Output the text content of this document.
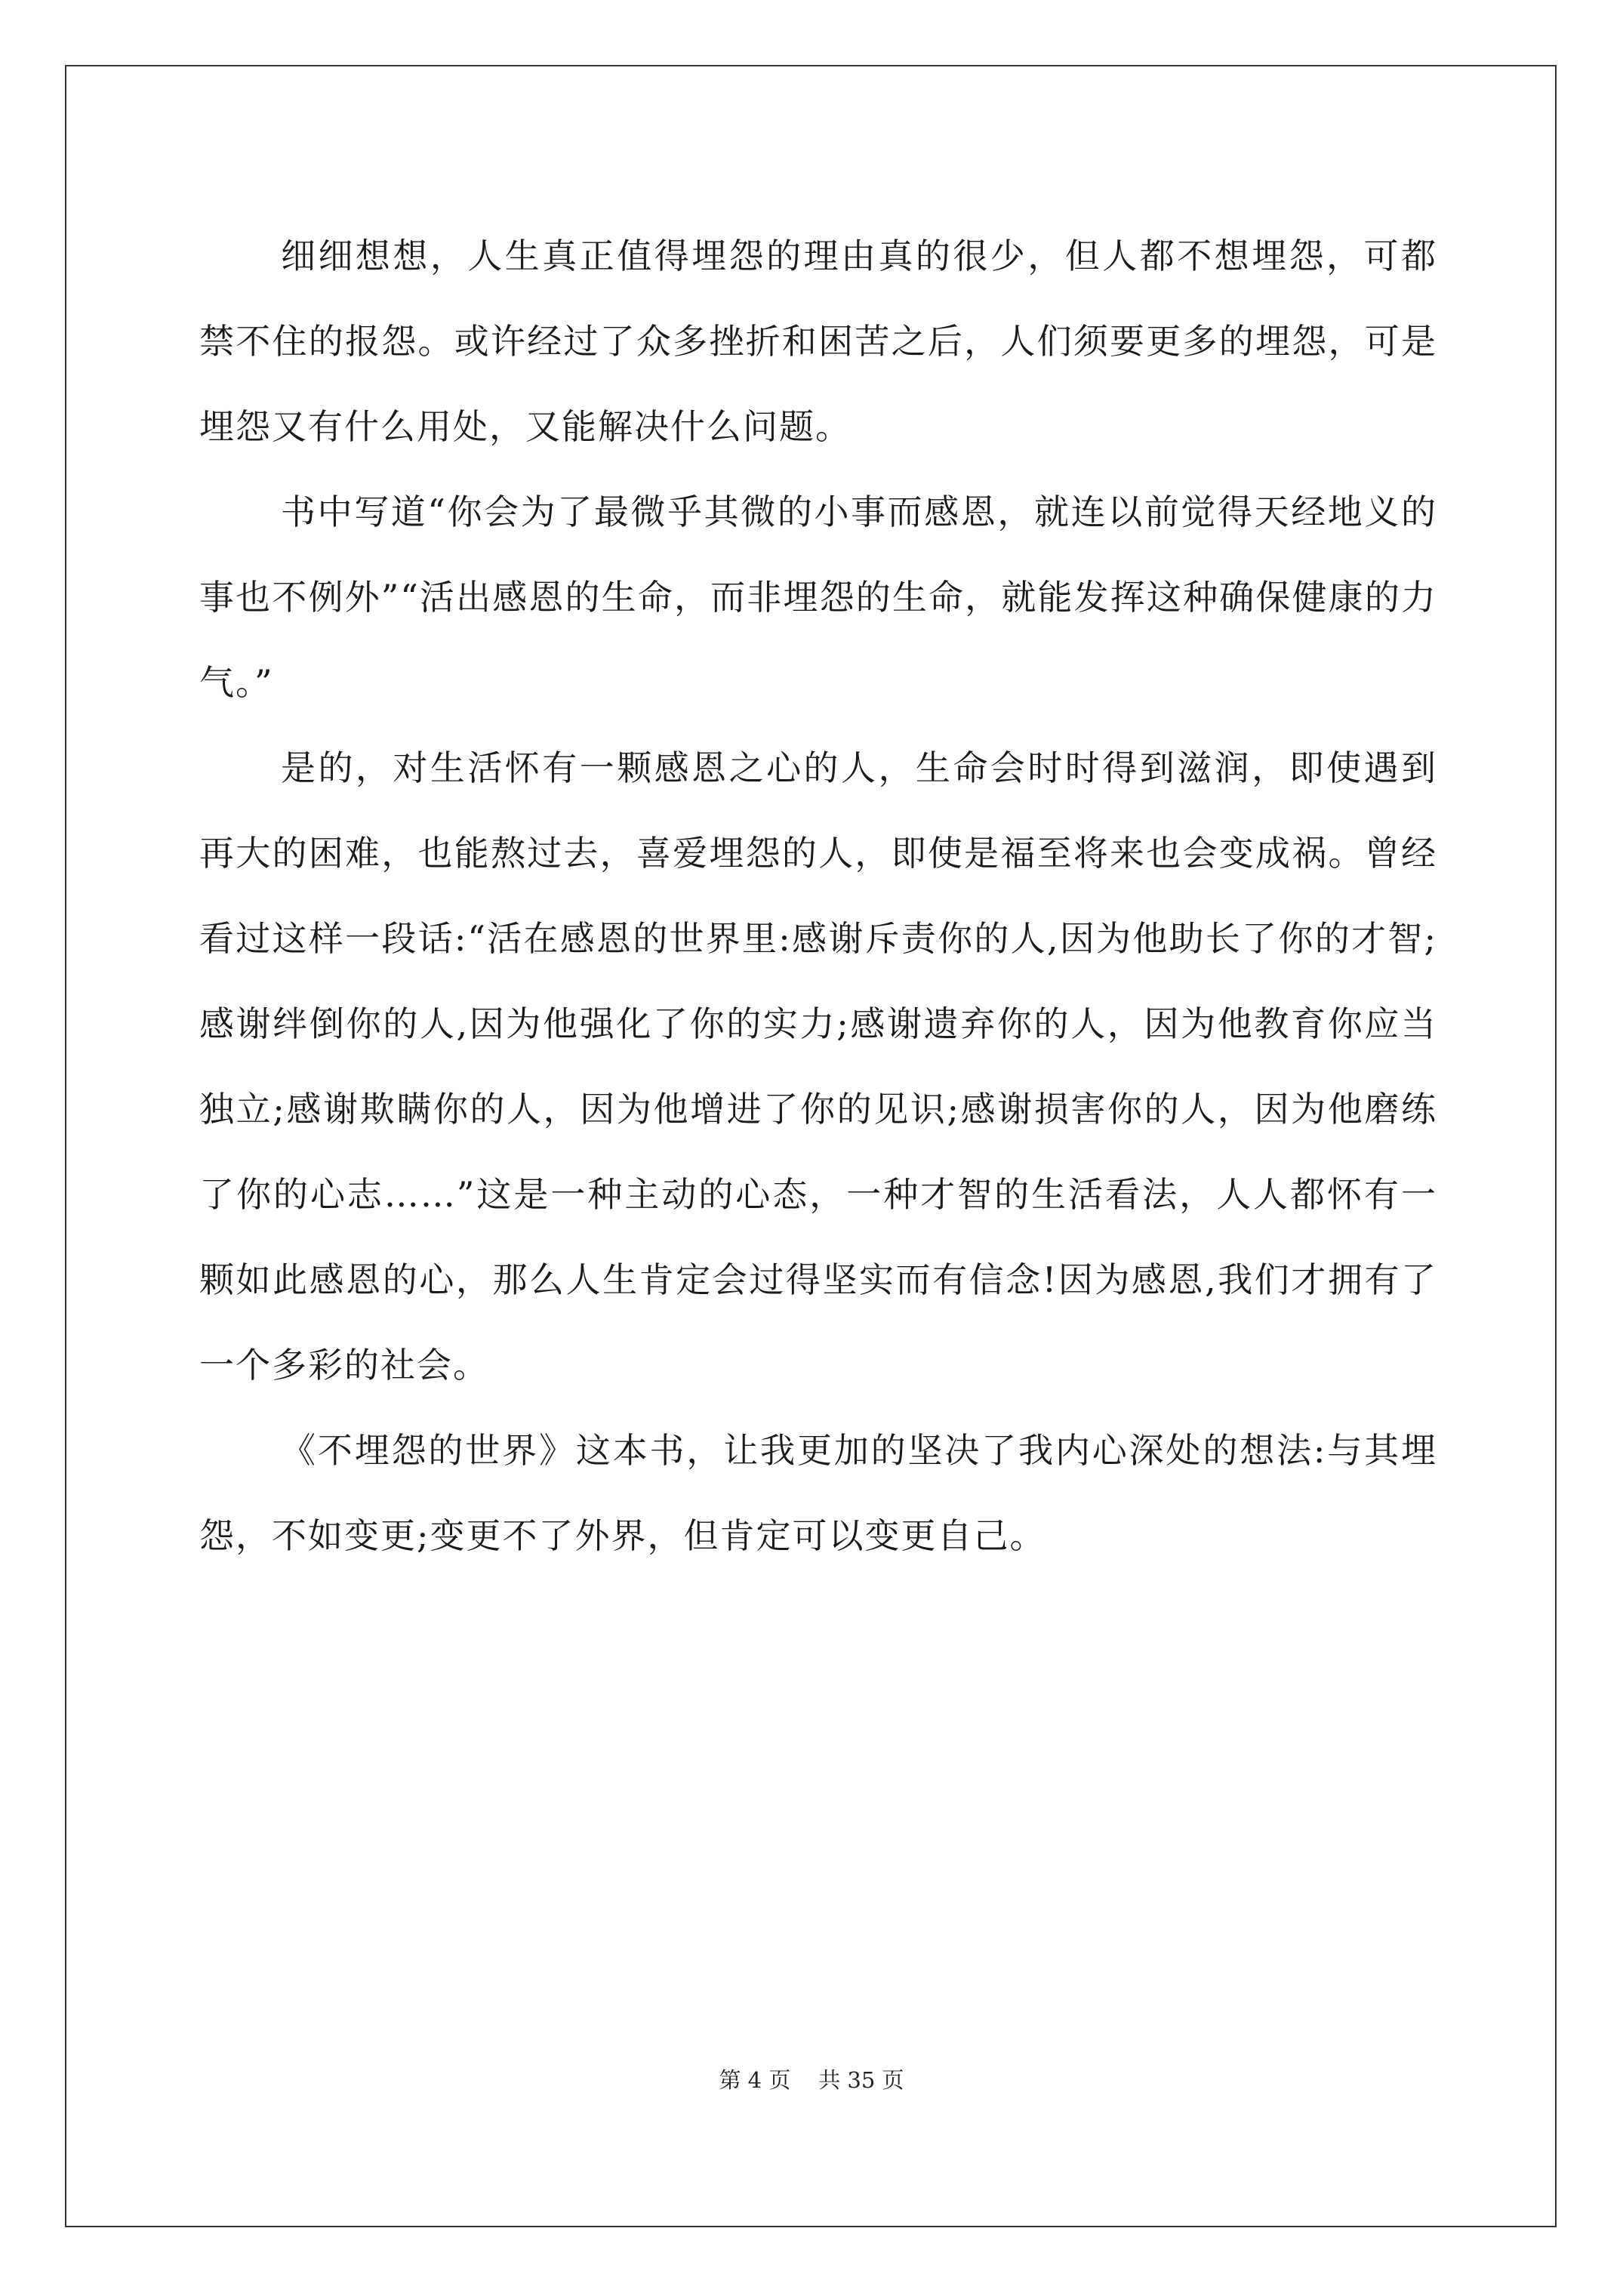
细细想想，人生真正值得埋怨的理由真的很少，但人都不想埋怨，可都禁不住的报怨。或许经过了众多挫折和困苦之后，人们须要更多的埋怨，可是埋怨又有什么用处，又能解决什么问题。

书中写道“你会为了最微乎其微的小事而感恩，就连以前觉得天经地义的事也不例外”“活出感恩的生命，而非埋怨的生命，就能发挥这种确保健康的力气。”

是的，对生活怀有一颗感恩之心的人，生命会时时得到滋润，即使遇到再大的困难，也能熬过去，喜爱埋怨的人，即使是福至将来也会变成祸。曾经看过这样一段话:“活在感恩的世界里:感谢斥责你的人,因为他助长了你的才智;感谢绊倒你的人,因为他强化了你的实力;感谢遗弃你的人，因为他教育你应当独立;感谢欺瞒你的人，因为他增进了你的见识;感谢损害你的人，因为他磨练了你的心志……”这是一种主动的心态，一种才智的生活看法，人人都怀有一颗如此感恩的心，那么人生肯定会过得坚实而有信念!因为感恩,我们才拥有了一个多彩的社会。

《不埋怨的世界》这本书，让我更加的坚决了我内心深处的想法:与其埋怨，不如变更;变更不了外界，但肯定可以变更自己。

第 4 页    共 35 页
